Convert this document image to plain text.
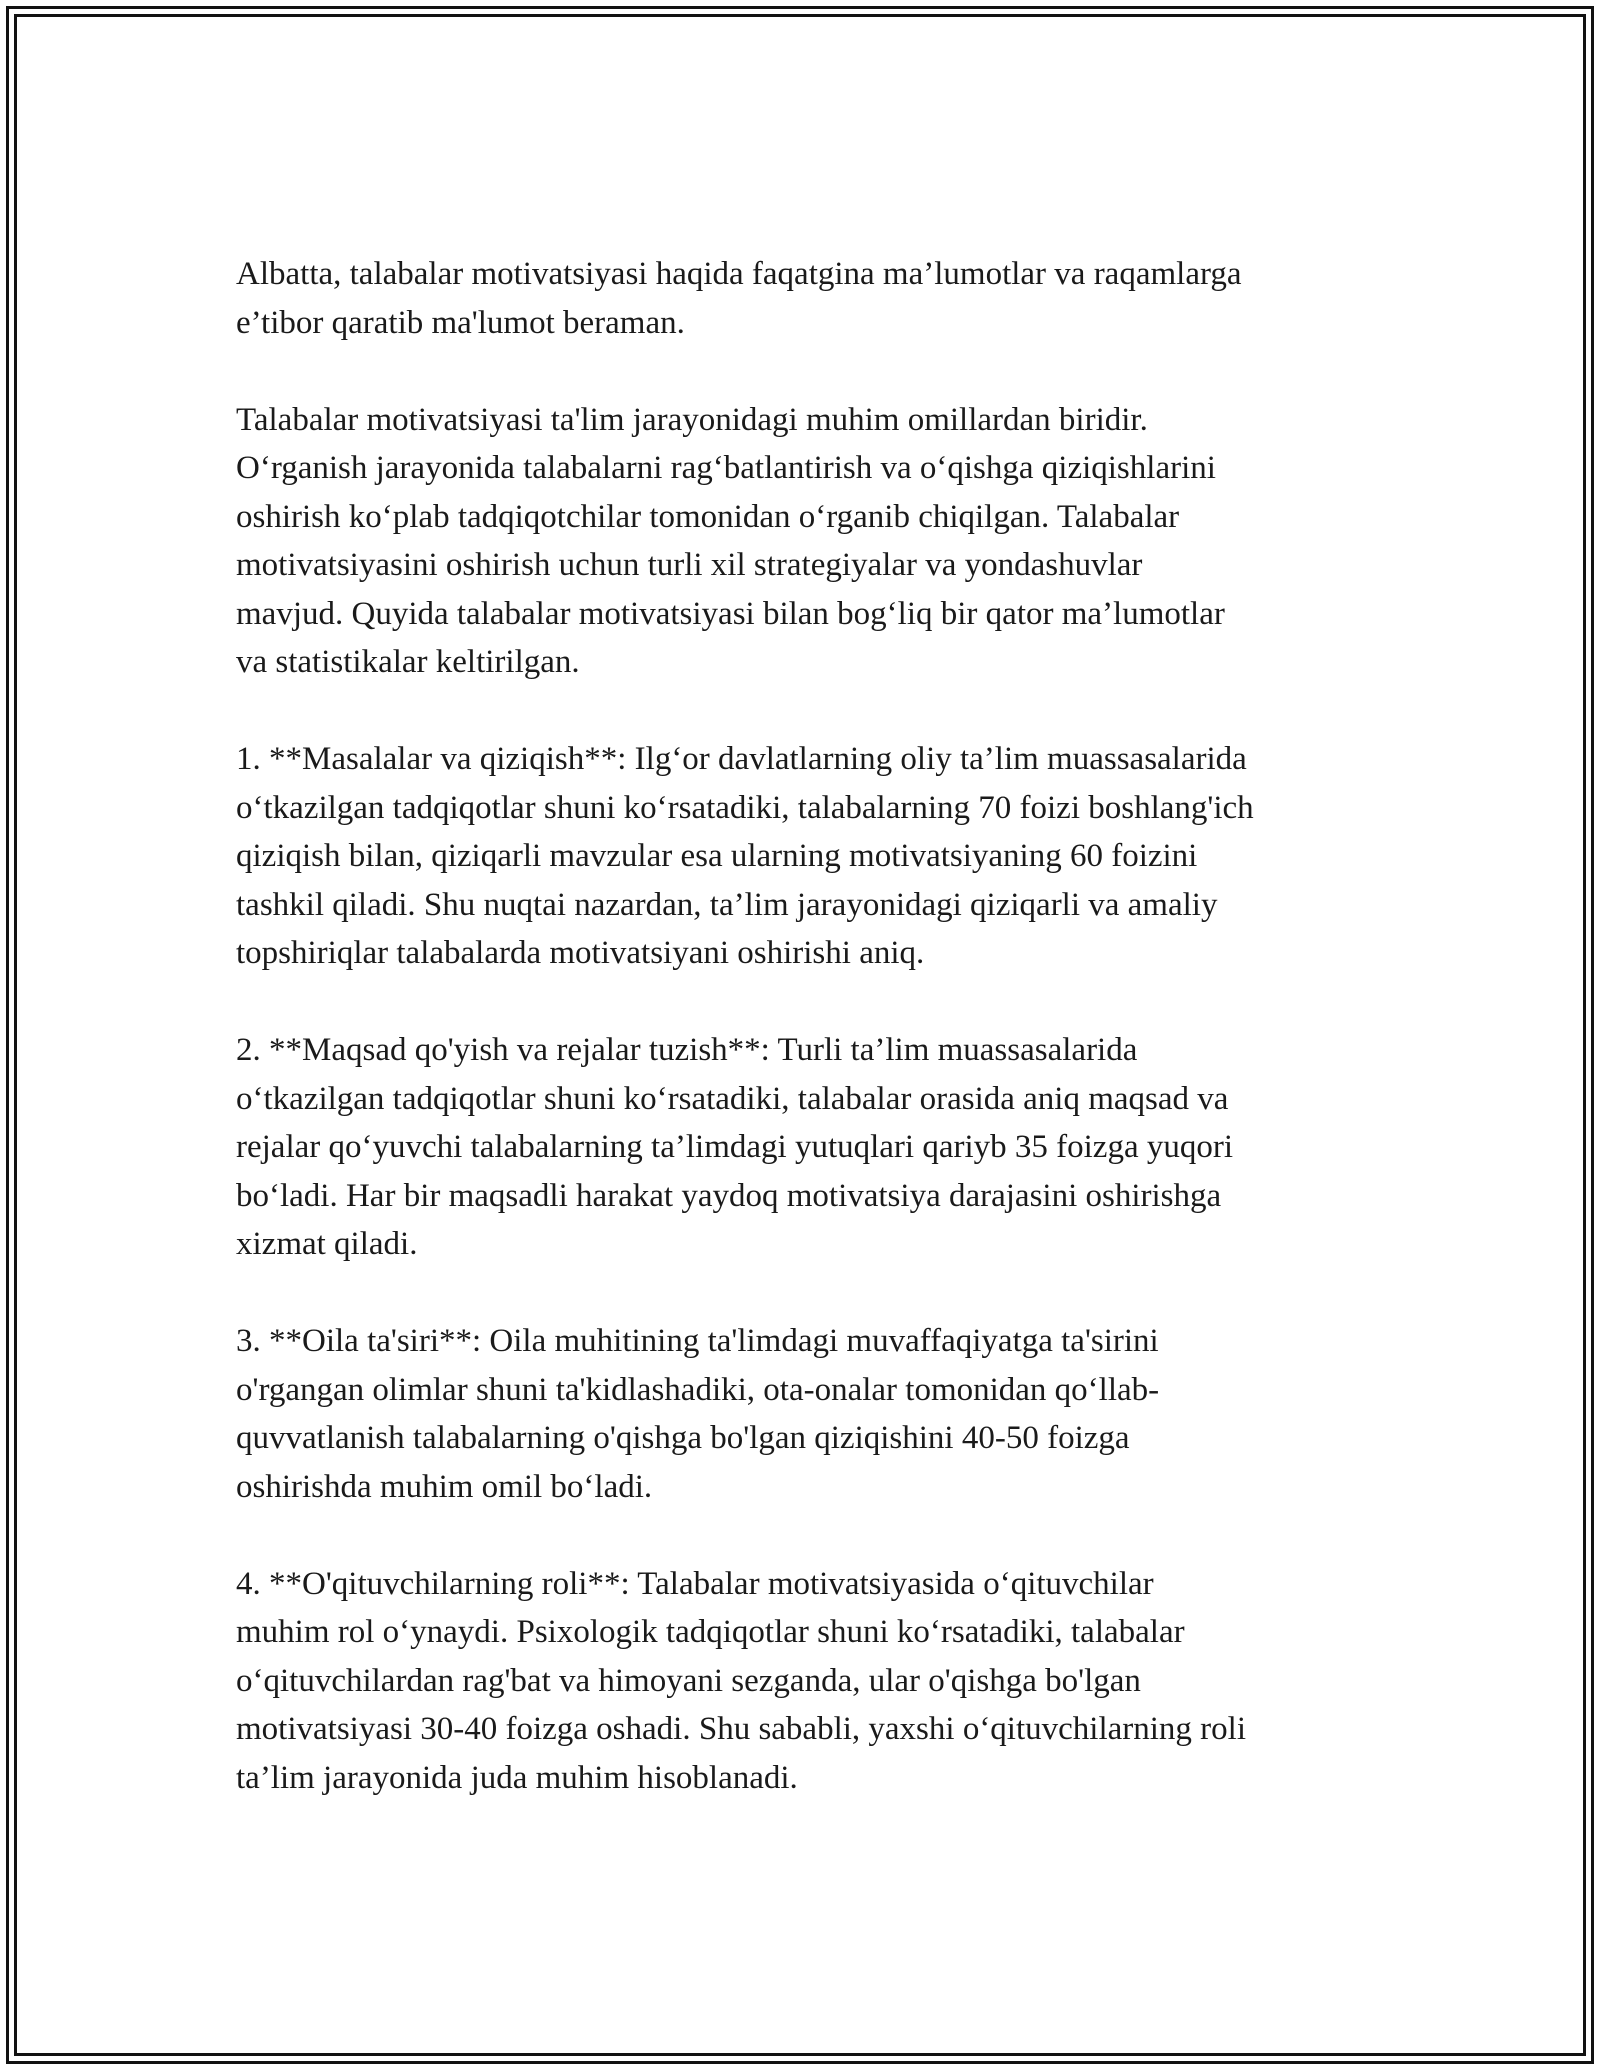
Albatta, talabalar motivatsiyasi haqida faqatgina ma’lumotlar va raqamlarga
e’tibor qaratib ma'lumot beraman.

Talabalar motivatsiyasi ta'lim jarayonidagi muhim omillardan biridir.
O‘rganish jarayonida talabalarni rag‘batlantirish va o‘qishga qiziqishlarini
oshirish ko‘plab tadqiqotchilar tomonidan o‘rganib chiqilgan. Talabalar
motivatsiyasini oshirish uchun turli xil strategiyalar va yondashuvlar
mavjud. Quyida talabalar motivatsiyasi bilan bog‘liq bir qator ma’lumotlar
va statistikalar keltirilgan.

1. **Masalalar va qiziqish**: Ilg‘or davlatlarning oliy ta’lim muassasalarida
o‘tkazilgan tadqiqotlar shuni ko‘rsatadiki, talabalarning 70 foizi boshlang'ich
qiziqish bilan, qiziqarli mavzular esa ularning motivatsiyaning 60 foizini
tashkil qiladi. Shu nuqtai nazardan, ta’lim jarayonidagi qiziqarli va amaliy
topshiriqlar talabalarda motivatsiyani oshirishi aniq.

2. **Maqsad qo'yish va rejalar tuzish**: Turli ta’lim muassasalarida
o‘tkazilgan tadqiqotlar shuni ko‘rsatadiki, talabalar orasida aniq maqsad va
rejalar qo‘yuvchi talabalarning ta’limdagi yutuqlari qariyb 35 foizga yuqori
bo‘ladi. Har bir maqsadli harakat yaydoq motivatsiya darajasini oshirishga
xizmat qiladi.

3. **Oila ta'siri**: Oila muhitining ta'limdagi muvaffaqiyatga ta'sirini
o'rgangan olimlar shuni ta'kidlashadiki, ota-onalar tomonidan qo‘llab-
quvvatlanish talabalarning o'qishga bo'lgan qiziqishini 40-50 foizga
oshirishda muhim omil bo‘ladi.

4. **O'qituvchilarning roli**: Talabalar motivatsiyasida o‘qituvchilar
muhim rol o‘ynaydi. Psixologik tadqiqotlar shuni ko‘rsatadiki, talabalar
o‘qituvchilardan rag'bat va himoyani sezganda, ular o'qishga bo'lgan
motivatsiyasi 30-40 foizga oshadi. Shu sababli, yaxshi o‘qituvchilarning roli
ta’lim jarayonida juda muhim hisoblanadi.
